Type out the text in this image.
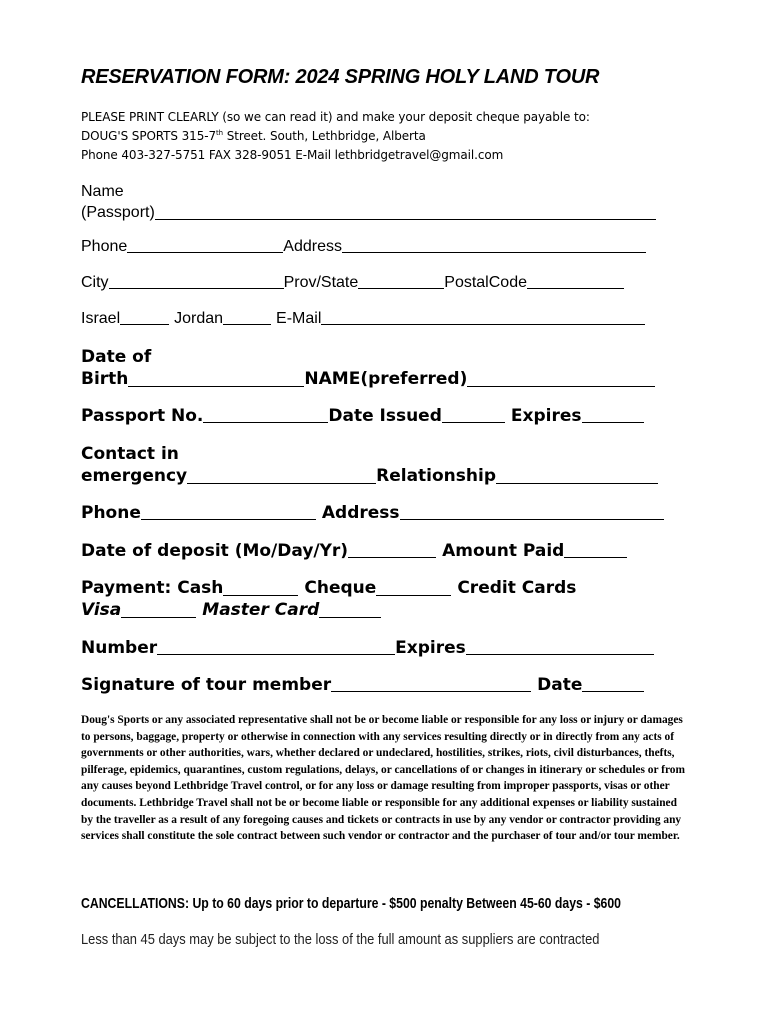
RESERVATION FORM: 2024 SPRING HOLY LAND TOUR
PLEASE PRINT CLEARLY (so we can read it) and make your deposit cheque payable to:
DOUG'S SPORTS 315-7th Street. South, Lethbridge, Alberta
Phone 403-327-5751 FAX 328-9051 E-Mail lethbridgetravel@gmail.com
Name
(Passport)
Phone	Address
City	Prov/State	PostalCode
Israel	Jordan	E-Mail
Date of
Birth	NAME(preferred)
Passport No.	Date Issued	Expires
Contact in
emergency	Relationship
Phone	Address
Date of deposit (Mo/Day/Yr)	Amount Paid
Payment: Cash	Cheque	Credit Cards
Visa	Master Card
Number	Expires
Signature of tour member	Date
Doug's Sports or any associated representative shall not be or become liable or responsible for any loss or injury or damages to persons, baggage, property or otherwise in connection with any services resulting directly or in directly from any acts of governments or other authorities, wars, whether declared or undeclared, hostilities, strikes, riots, civil disturbances, thefts, pilferage, epidemics, quarantines, custom regulations, delays, or cancellations of or changes in itinerary or schedules or from any causes beyond Lethbridge Travel control, or for any loss or damage resulting from improper passports, visas or other documents. Lethbridge Travel shall not be or become liable or responsible for any additional expenses or liability sustained by the traveller as a result of any foregoing causes and tickets or contracts in use by any vendor or contractor providing any services shall constitute the sole contract between such vendor or contractor and the purchaser of tour and/or tour member.
CANCELLATIONS: Up to 60 days prior to departure - $500 penalty Between 45-60 days - $600
Less than 45 days may be subject to the loss of the full amount as suppliers are contracted
